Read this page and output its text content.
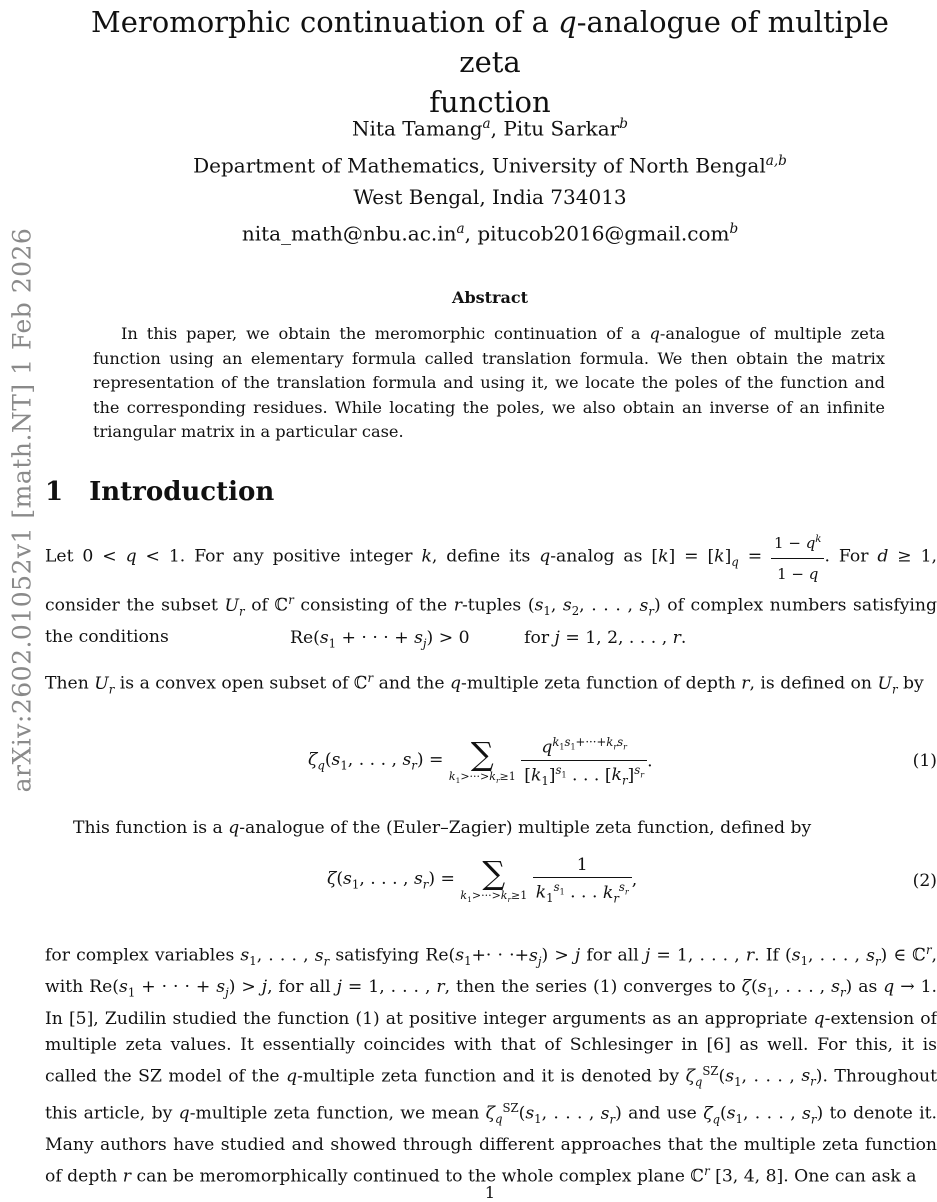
arXiv:2602.01052v1 [math.NT] 1 Feb 2026
Meromorphic continuation of a q-analogue of multiple zeta
function
Nita Tamang$^a$, Pitu Sarkar$^b$
Department of Mathematics, University of North Bengal$^{a,b}$
West Bengal, India 734013
$nita\_math@nbu.ac.in^a$, pitucob2016@gmail.com$^b$
Abstract
In this paper, we obtain the meromorphic continuation of a q-analogue of multiple zeta function using an elementary formula called translation formula. We then obtain the matrix representation of the translation formula and using it, we locate the poles of the function and the corresponding residues. While locating the poles, we also obtain an inverse of an infinite triangular matrix in a particular case.
1 Introduction
Let 0 < q < 1. For any positive integer k, define its q-analog as $[k] = [k]_q = \frac{1 - q^k}{1 - q}$ . For d ≥ 1, consider the subset $U_r$ of ℂ$^r$ consisting of the r-tuples ($s_1$, $s_2$, . . . , $s_r$) of complex numbers satisfying the conditions	$Re(s_1$ + · · · + $s_j) > 0$          for j = 1, 2, . . . , r.
Then $U_r$ is a convex open subset of ℂ$^r$ and the q-multiple zeta function of depth r, is defined on $U_r$ by
$\zeta_q(s_1$, . . . , $s_r$) = ∑
$k_1>\cdot\cdot\cdot>k_r\ge 1$
$\frac{q^{k_1s_1+\cdot\cdot\cdot+k_rs_r}}{[k_1]^{s_1} . . . [k_r]^{s_r}}$ .	(1)
This function is a q-analogue of the (Euler–Zagier) multiple zeta function, defined by
$\zeta(s_1$, . . . , $s_r$) = ∑
$k_1>\cdot\cdot\cdot>k_r\ge 1$
$\frac{1}{k_1^{s_1} . . . k_r^{s_r}}$ ,	(2)
for complex variables $s_1$, . . . , $s_r$ satisfying $Re(s_1+\cdot \cdot \cdot+s_j) > j$ for all j = 1, . . . , r. If ($s_1$, . . . , $s_r$) ∈ ℂ$^r$, with $Re(s_1$ + · · · + $s_j) > j$, for all j = 1, . . . , r, then the series (1) converges to $\zeta(s_1$, . . . , $s_r$) as q → 1. In [5], Zudilin studied the function (1) at positive integer arguments as an appropriate q-extension of multiple zeta values. It essentially coincides with that of Schlesinger in [6] as well. For this, it is called the SZ model of the q-multiple zeta function and it is denoted by $\zeta_q^{SZ}(s_1$, . . . , $s_r$). Throughout this article, by q-multiple zeta function, we mean $\zeta_q^{SZ}(s_1$, . . . , $s_r$) and use $\zeta_q(s_1$, . . . , $s_r$) to denote it. Many authors have studied and showed through different approaches that the multiple zeta function of depth r can be meromorphically continued to the whole complex plane ℂ$^r$ [3, 4, 8]. One can ask a
1
